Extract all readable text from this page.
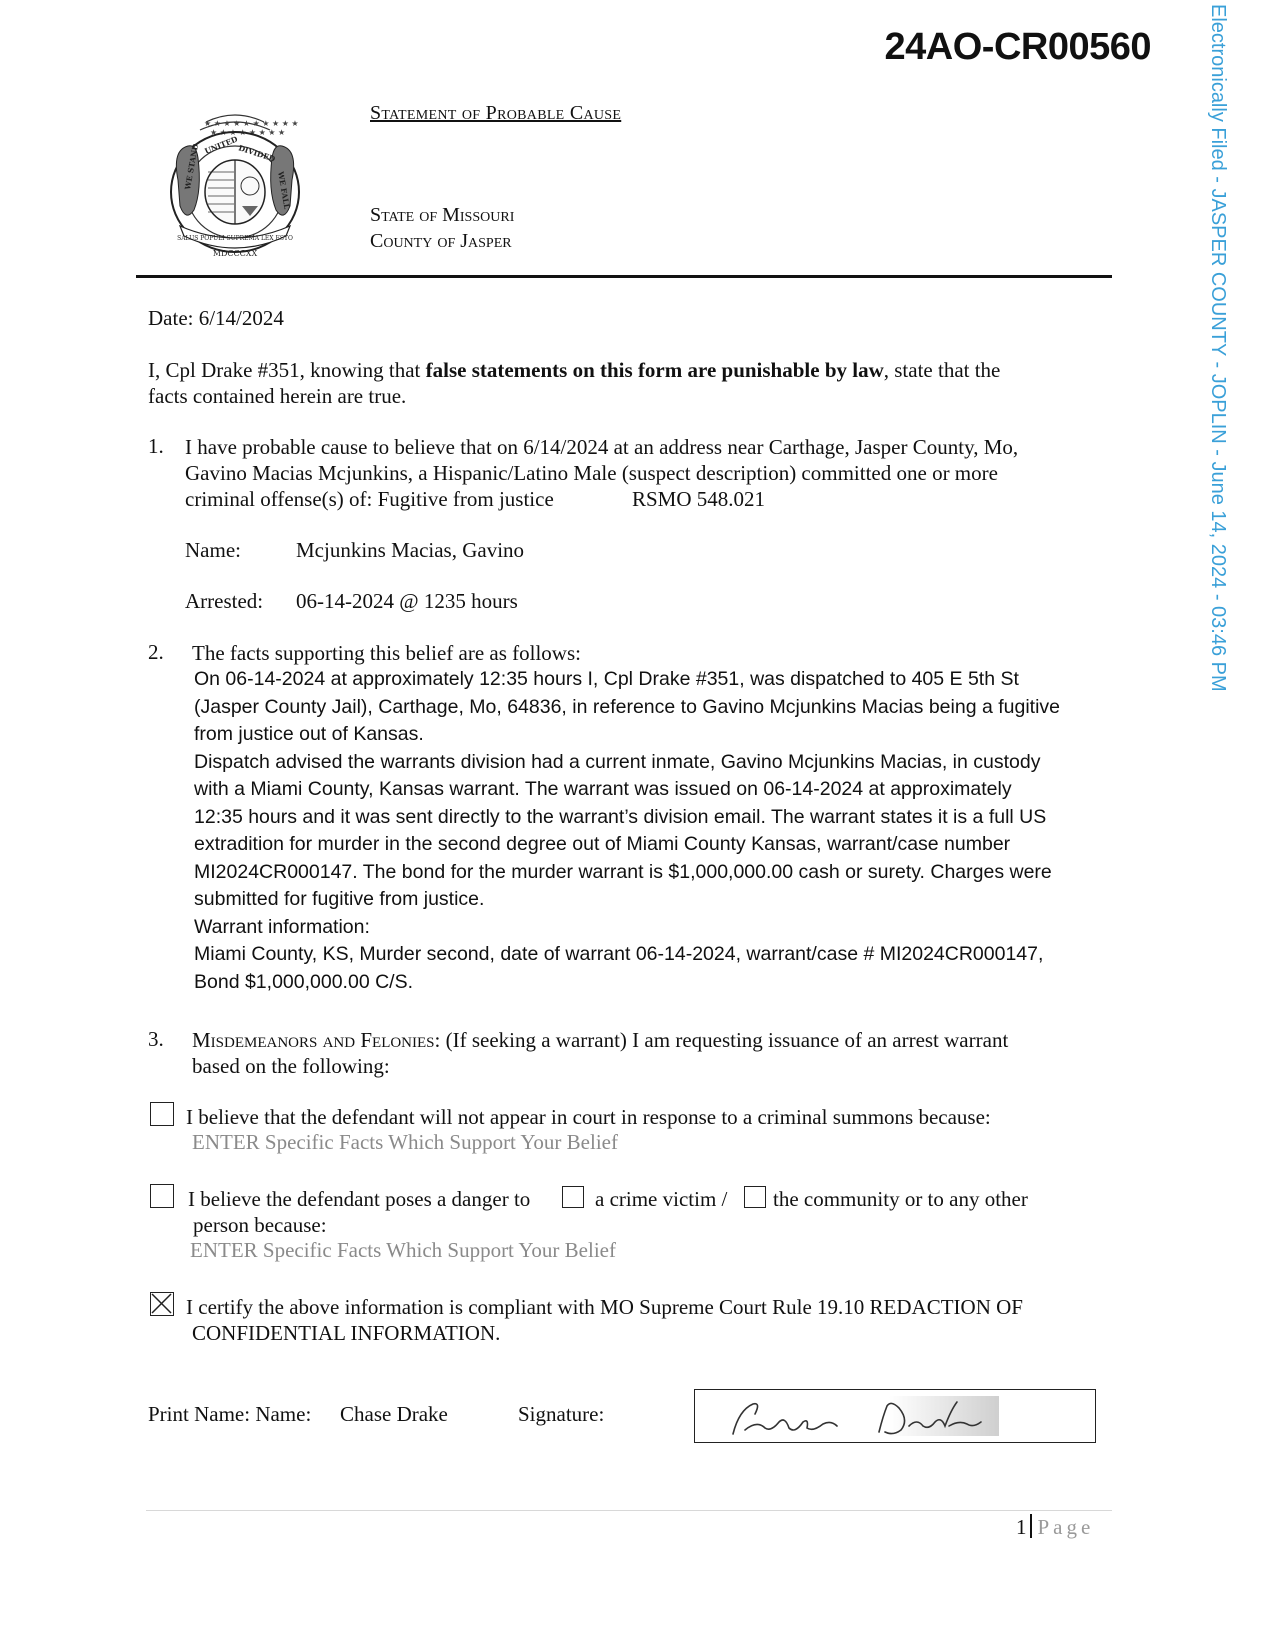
24AO-CR00560	Electronically Filed - JASPER COUNTY - JOPLIN - June 14, 2024 - 03:46 PM
★ ★ ★ ★ ★ ★ ★ ★ ★ ★
★ ★ ★ ★ ★ ★ ★ ★
UNITED
DIVIDED
WE STAND	WE FALL
SALUS POPULI SUPREMA LEX ESTO
MDCCCXX
Statement of Probable Cause
State of Missouri
County of Jasper
Date: 6/14/2024
I, Cpl Drake #351, knowing that false statements on this form are punishable by law, state that the
facts contained herein are true.
1. I have probable cause to believe that on 6/14/2024 at an address near Carthage, Jasper County, Mo,
Gavino Macias Mcjunkins, a Hispanic/Latino Male (suspect description) committed one or more
criminal offense(s) of: Fugitive from justice	RSMO 548.021
Name:	Mcjunkins Macias, Gavino
Arrested: 06-14-2024 @ 1235 hours
2. The facts supporting this belief are as follows:
On 06-14-2024 at approximately 12:35 hours I, Cpl Drake #351, was dispatched to 405 E 5th St
(Jasper County Jail), Carthage, Mo, 64836, in reference to Gavino Mcjunkins Macias being a fugitive
from justice out of Kansas.
Dispatch advised the warrants division had a current inmate, Gavino Mcjunkins Macias, in custody
with a Miami County, Kansas warrant. The warrant was issued on 06-14-2024 at approximately
12:35 hours and it was sent directly to the warrant’s division email. The warrant states it is a full US
extradition for murder in the second degree out of Miami County Kansas, warrant/case number
MI2024CR000147. The bond for the murder warrant is $1,000,000.00 cash or surety. Charges were
submitted for fugitive from justice.
Warrant information:
Miami County, KS, Murder second, date of warrant 06-14-2024, warrant/case # MI2024CR000147,
Bond $1,000,000.00 C/S.
3. Misdemeanors and Felonies: (If seeking a warrant) I am requesting issuance of an arrest warrant
based on the following:
I believe that the defendant will not appear in court in response to a criminal summons because:
ENTER Specific Facts Which Support Your Belief
I believe the defendant poses a danger to	a crime victim / the community or to any other
person because:
ENTER Specific Facts Which Support Your Belief
I certify the above information is compliant with MO Supreme Court Rule 19.10 REDACTION OF
CONFIDENTIAL INFORMATION.
Print Name: Name: Chase Drake	Signature:
1 Page
